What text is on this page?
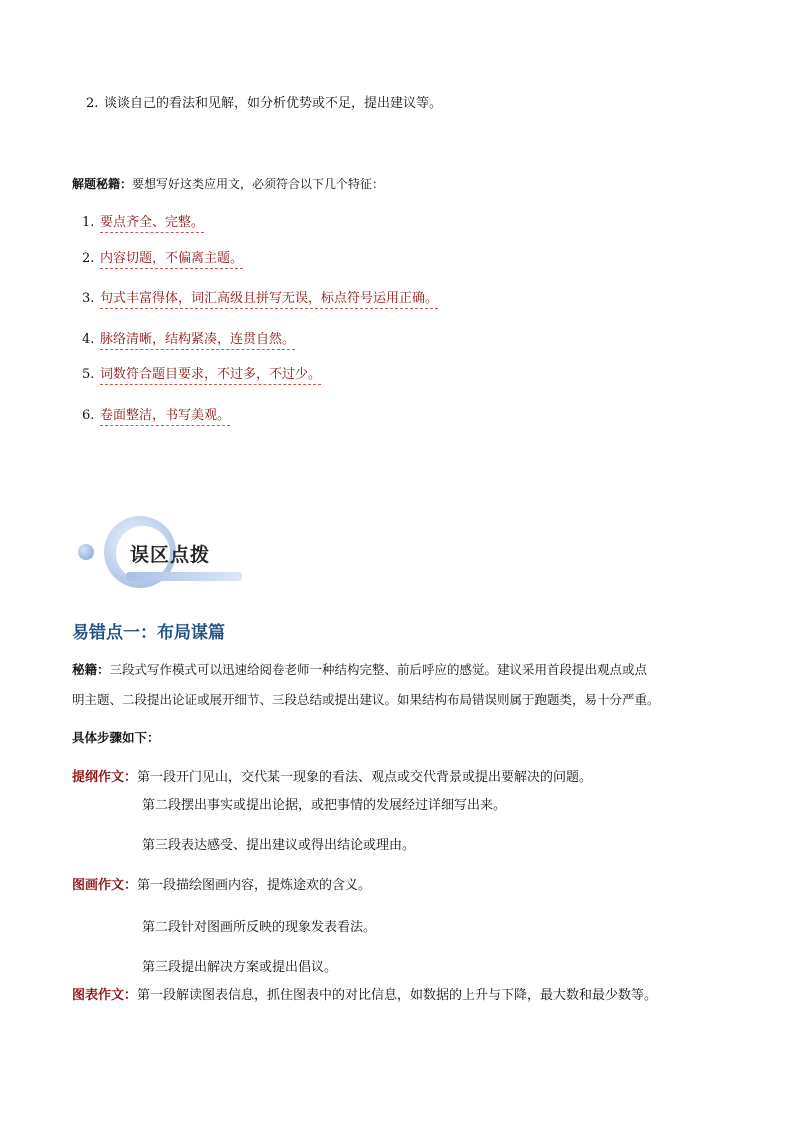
2. 谈谈自己的看法和见解，如分析优势或不足，提出建议等。
解题秘籍：要想写好这类应用文，必须符合以下几个特征：
1. 要点齐全、完整。
2. 内容切题，不偏离主题。
3. 句式丰富得体，词汇高级且拼写无误，标点符号运用正确。
4. 脉络清晰，结构紧凑，连贯自然。
5. 词数符合题目要求，不过多，不过少。
6. 卷面整洁，书写美观。
误区点拨
易错点一：布局谋篇
秘籍：三段式写作模式可以迅速给阅卷老师一种结构完整、前后呼应的感觉。建议采用首段提出观点或点
明主题、二段提出论证或展开细节、三段总结或提出建议。如果结构布局错误则属于跑题类，易十分严重。
具体步骤如下：
提纲作文：第一段开门见山，交代某一现象的看法、观点或交代背景或提出要解决的问题。
第二段摆出事实或提出论据，或把事情的发展经过详细写出来。
第三段表达感受、提出建议或得出结论或理由。
图画作文：第一段描绘图画内容，提炼途欢的含义。
第二段针对图画所反映的现象发表看法。
第三段提出解决方案或提出倡议。
图表作文：第一段解读图表信息，抓住图表中的对比信息，如数据的上升与下降，最大数和最少数等。
